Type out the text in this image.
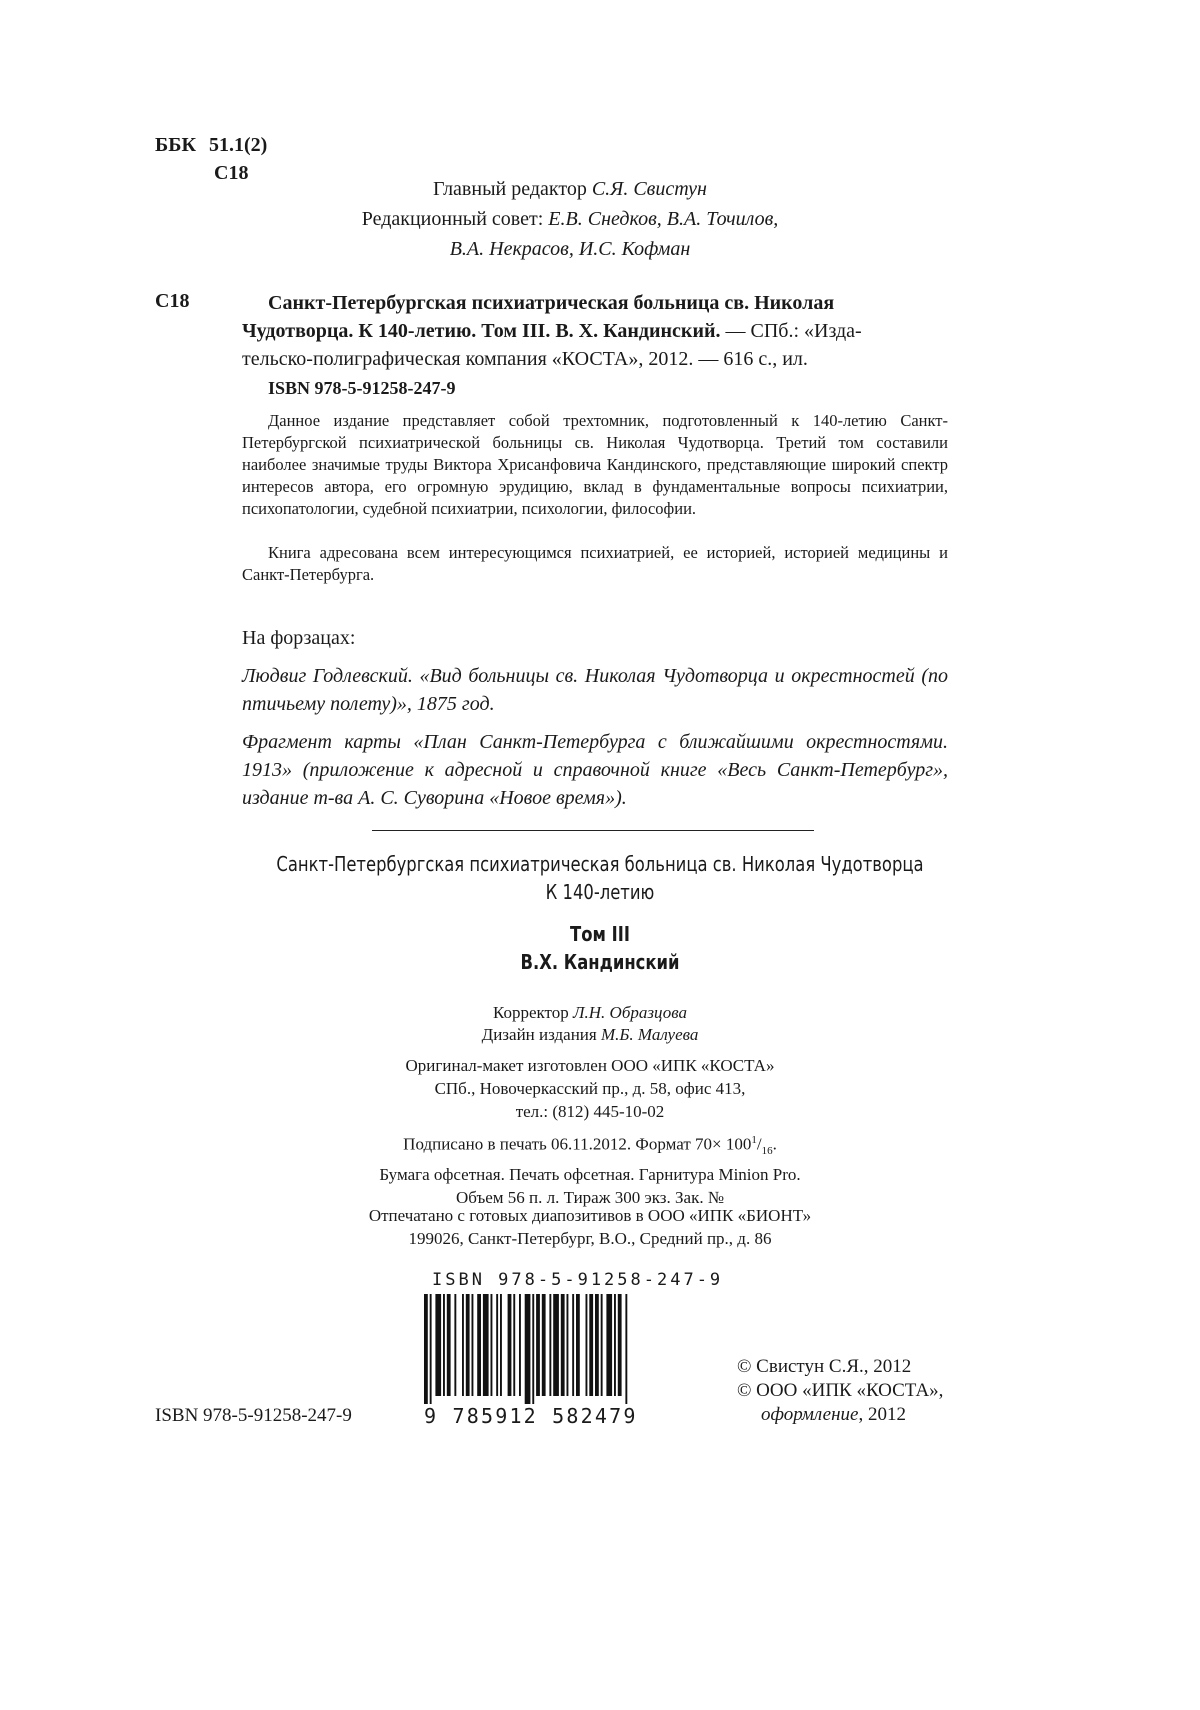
ББК 51.1(2)
С18
Главный редактор С.Я. Свистун
Редакционный совет: Е.В. Снедков, В.А. Точилов,
В.А. Некрасов, И.С. Кофман
С18	Санкт-Петербургская психиатрическая больница св. Николая
Чудотворца. К 140-летию. Том III. В. Х. Кандинский. — СПб.: «Изда-
тельско-полиграфическая компания «КОСТА», 2012. — 616 с., ил.
ISBN 978-5-91258-247-9
Данное издание представляет собой трехтомник, подготовленный к 140-летию Санкт-Петербургской психиатрической больницы св. Николая Чудотворца. Третий том составили наиболее значимые труды Виктора Хрисанфовича Кандинского, представляющие широкий спектр интересов автора, его огромную эрудицию, вклад в фундаментальные вопросы психиатрии, психопатологии, судебной психиатрии, психологии, философии.
Книга адресована всем интересующимся психиатрией, ее историей, историей медицины и Санкт-Петербурга.
На форзацах:
Людвиг Годлевский. «Вид больницы св. Николая Чудотворца и окрестностей (по птичьему полету)», 1875 год.
Фрагмент карты «План Санкт-Петербурга с ближайшими окрестностями. 1913» (приложение к адресной и справочной книге «Весь Санкт-Петербург», издание т-ва А. С. Суворина «Новое время»).
Санкт-Петербургская психиатрическая больница св. Николая Чудотворца
К 140-летию
Том III
В.Х. Кандинский
Корректор Л.Н. Образцова
Дизайн издания М.Б. Малуева
Оригинал-макет изготовлен ООО «ИПК «КОСТА»
СПб., Новочеркасский пр., д. 58, офис 413,
тел.: (812) 445-10-02
Подписано в печать 06.11.2012. Формат $70\times 100^1/_{16}$.
Бумага офсетная. Печать офсетная. Гарнитура Minion Pro.
Объем 56 п. л. Тираж 300 экз. Зак. №
Отпечатано с готовых диапозитивов в ООО «ИПК «БИОНТ»
199026, Санкт-Петербург, В.О., Средний пр., д. 86
ISBN 978-5-91258-247-9
9 785912 582479
ISBN 978-5-91258-247-9
© Свистун С.Я., 2012
© ООО «ИПК «КОСТА»,
оформление, 2012
